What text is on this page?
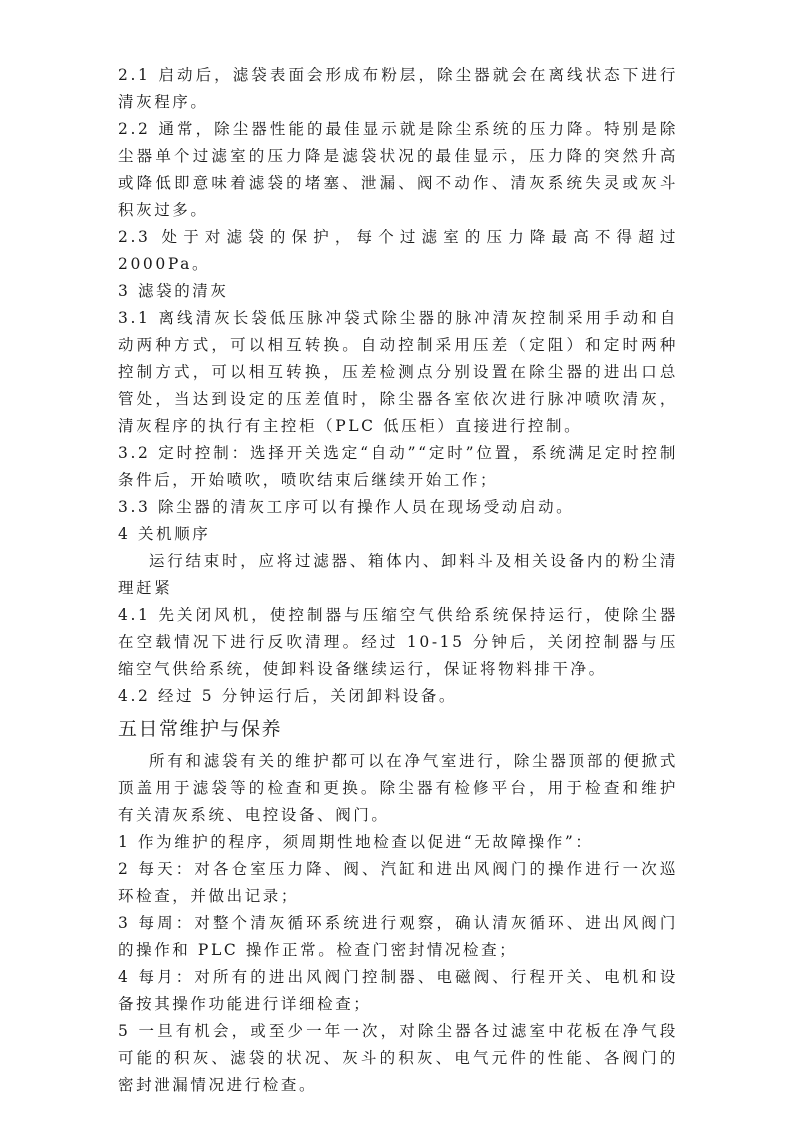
2.1 启动后，滤袋表面会形成布粉层，除尘器就会在离线状态下进行清灰程序。

2.2 通常，除尘器性能的最佳显示就是除尘系统的压力降。特别是除尘器单个过滤室的压力降是滤袋状况的最佳显示，压力降的突然升高或降低即意味着滤袋的堵塞、泄漏、阀不动作、清灰系统失灵或灰斗积灰过多。

2.3 处于对滤袋的保护，每个过滤室的压力降最高不得超过 2000Pa。

3 滤袋的清灰

3.1 离线清灰长袋低压脉冲袋式除尘器的脉冲清灰控制采用手动和自动两种方式，可以相互转换。自动控制采用压差（定阻）和定时两种控制方式，可以相互转换，压差检测点分别设置在除尘器的进出口总管处，当达到设定的压差值时，除尘器各室依次进行脉冲喷吹清灰，清灰程序的执行有主控柜（PLC 低压柜）直接进行控制。

3.2 定时控制：选择开关选定“自动”“定时”位置，系统满足定时控制条件后，开始喷吹，喷吹结束后继续开始工作；

3.3 除尘器的清灰工序可以有操作人员在现场受动启动。

4 关机顺序

运行结束时，应将过滤器、箱体内、卸料斗及相关设备内的粉尘清理赶紧

4.1 先关闭风机，使控制器与压缩空气供给系统保持运行，使除尘器在空载情况下进行反吹清理。经过 10-15 分钟后，关闭控制器与压缩空气供给系统，使卸料设备继续运行，保证将物料排干净。

4.2 经过 5 分钟运行后，关闭卸料设备。

五日常维护与保养

所有和滤袋有关的维护都可以在净气室进行，除尘器顶部的便掀式顶盖用于滤袋等的检查和更换。除尘器有检修平台，用于检查和维护有关清灰系统、电控设备、阀门。

1 作为维护的程序，须周期性地检查以促进“无故障操作”：

2 每天：对各仓室压力降、阀、汽缸和进出风阀门的操作进行一次巡环检查，并做出记录；

3 每周：对整个清灰循环系统进行观察，确认清灰循环、进出风阀门的操作和 PLC 操作正常。检查门密封情况检查；

4 每月：对所有的进出风阀门控制器、电磁阀、行程开关、电机和设备按其操作功能进行详细检查；

5 一旦有机会，或至少一年一次，对除尘器各过滤室中花板在净气段可能的积灰、滤袋的状况、灰斗的积灰、电气元件的性能、各阀门的密封泄漏情况进行检查。
